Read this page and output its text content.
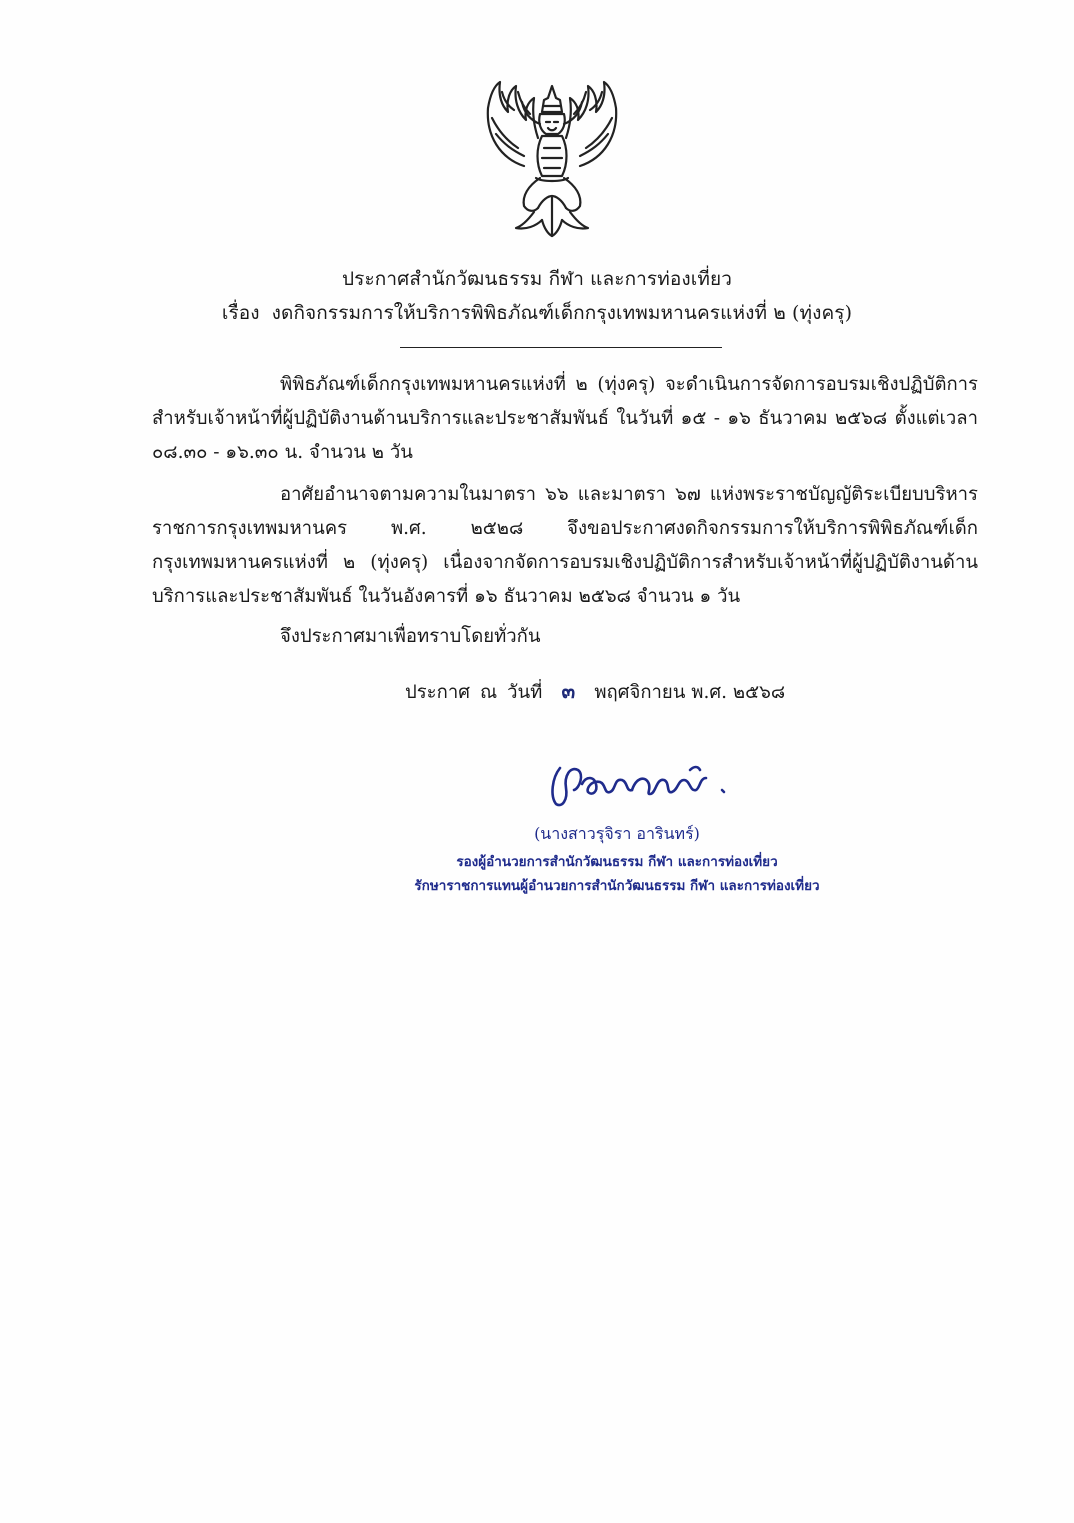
ประกาศสำนักวัฒนธรรม กีฬา และการท่องเที่ยว
เรื่อง งดกิจกรรมการให้บริการพิพิธภัณฑ์เด็กกรุงเทพมหานครแห่งที่ ๒ (ทุ่งครุ)
พิพิธภัณฑ์เด็กกรุงเทพมหานครแห่งที่ ๒ (ทุ่งครุ) จะดำเนินการจัดการอบรมเชิงปฏิบัติการสำหรับเจ้าหน้าที่ผู้ปฏิบัติงานด้านบริการและประชาสัมพันธ์ ในวันที่ ๑๕ - ๑๖ ธันวาคม ๒๕๖๘ ตั้งแต่เวลา ๐๘.๓๐ - ๑๖.๓๐ น. จำนวน ๒ วัน
อาศัยอำนาจตามความในมาตรา ๖๖ และมาตรา ๖๗ แห่งพระราชบัญญัติระเบียบบริหารราชการกรุงเทพมหานคร พ.ศ. ๒๕๒๘ จึงขอประกาศงดกิจกรรมการให้บริการพิพิธภัณฑ์เด็กกรุงเทพมหานครแห่งที่ ๒ (ทุ่งครุ) เนื่องจากจัดการอบรมเชิงปฏิบัติการสำหรับเจ้าหน้าที่ผู้ปฏิบัติงานด้านบริการและประชาสัมพันธ์ ในวันอังคารที่ ๑๖ ธันวาคม ๒๕๖๘ จำนวน ๑ วัน
จึงประกาศมาเพื่อทราบโดยทั่วกัน
ประกาศ ณ วันที่ ๓ พฤศจิกายน พ.ศ. ๒๕๖๘
(นางสาวรุจิรา อารินทร์)
รองผู้อำนวยการสำนักวัฒนธรรม กีฬา และการท่องเที่ยว
รักษาราชการแทนผู้อำนวยการสำนักวัฒนธรรม กีฬา และการท่องเที่ยว
